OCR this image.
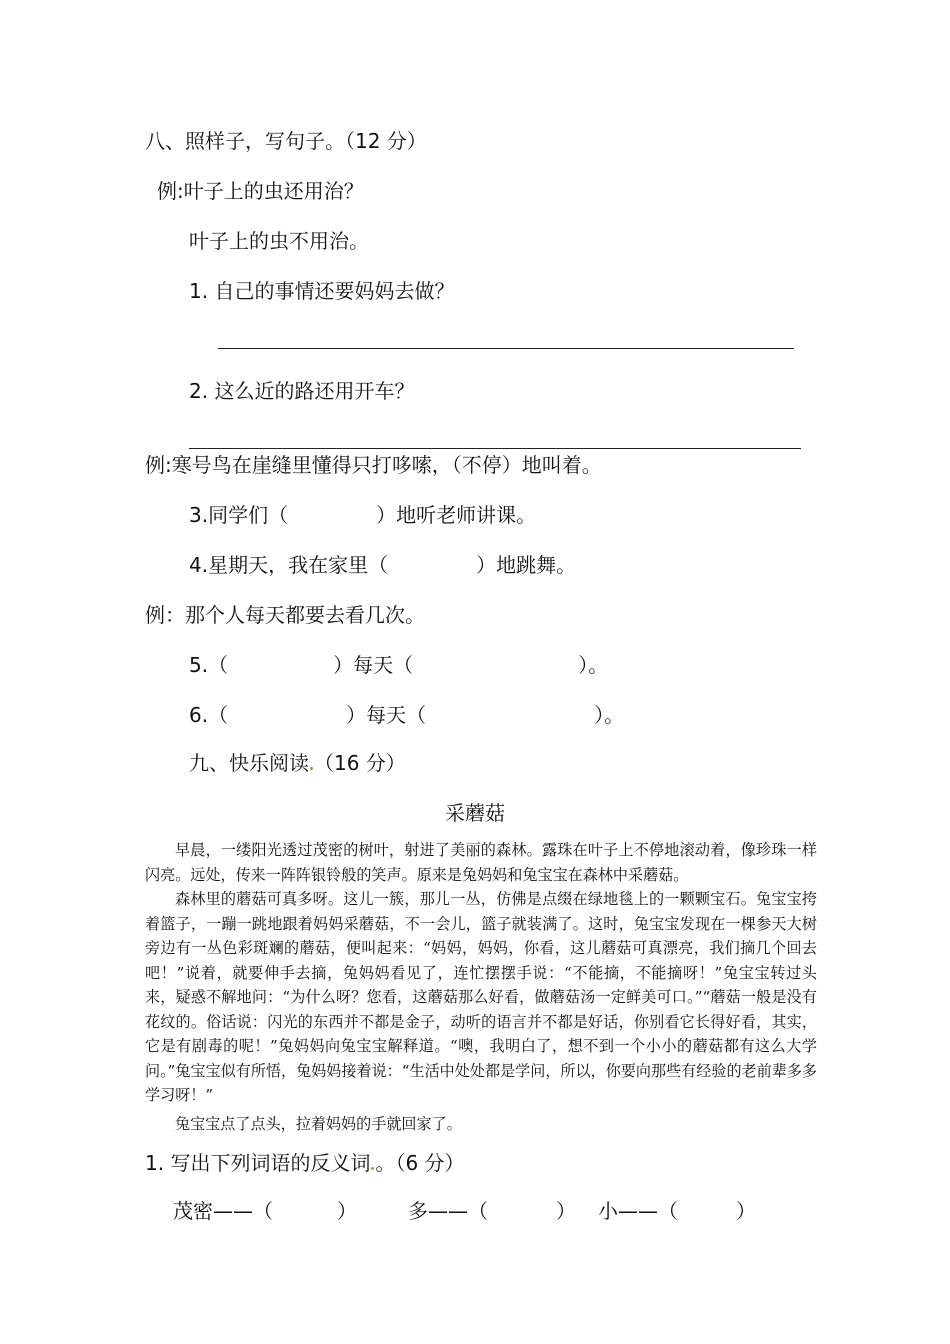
八、照样子，写句子。（12 分）
例:叶子上的虫还用治？
叶子上的虫不用治。
1. 自己的事情还要妈妈去做？
2. 这么近的路还用开车？
例:寒号鸟在崖缝里懂得只打哆嗦，（不停）地叫着。
3.同学们（	）地听老师讲课。
4.星期天，我在家里（	）地跳舞。
例：那个人每天都要去看几次。
5.（	）每天（	）。
6.（	）每天（	）。
九、快乐阅读 （16 分）
采蘑菇

早晨，一缕阳光透过茂密的树叶，射进了美丽的森林。露珠在叶子上不停地滚动着，像珍珠一样闪亮。远处，传来一阵阵银铃般的笑声。原来是兔妈妈和兔宝宝在森林中采蘑菇。

森林里的蘑菇可真多呀。这儿一簇，那儿一丛，仿佛是点缀在绿地毯上的一颗颗宝石。兔宝宝挎着篮子，一蹦一跳地跟着妈妈采蘑菇，不一会儿，篮子就装满了。这时，兔宝宝发现在一棵参天大树旁边有一丛色彩斑斓的蘑菇，便叫起来：“妈妈，妈妈，你看，这儿蘑菇可真漂亮，我们摘几个回去吧！”说着，就要伸手去摘，兔妈妈看见了，连忙摆摆手说：“不能摘，不能摘呀！”兔宝宝转过头来，疑惑不解地问：“为什么呀？您看，这蘑菇那么好看，做蘑菇汤一定鲜美可口。”“蘑菇一般是没有花纹的。俗话说：闪光的东西并不都是金子，动听的语言并不都是好话，你别看它长得好看，其实，它是有剧毒的呢！”兔妈妈向兔宝宝解释道。“噢，我明白了，想不到一个小小的蘑菇都有这么大学问。”兔宝宝似有所悟，兔妈妈接着说：“生活中处处都是学问，所以，你要向那些有经验的老前辈多多学习呀！”

兔宝宝点了点头，拉着妈妈的手就回家了。

1. 写出下列词语的反义词 。（6 分）
茂密——（	）	多——（	） 小——（	）
